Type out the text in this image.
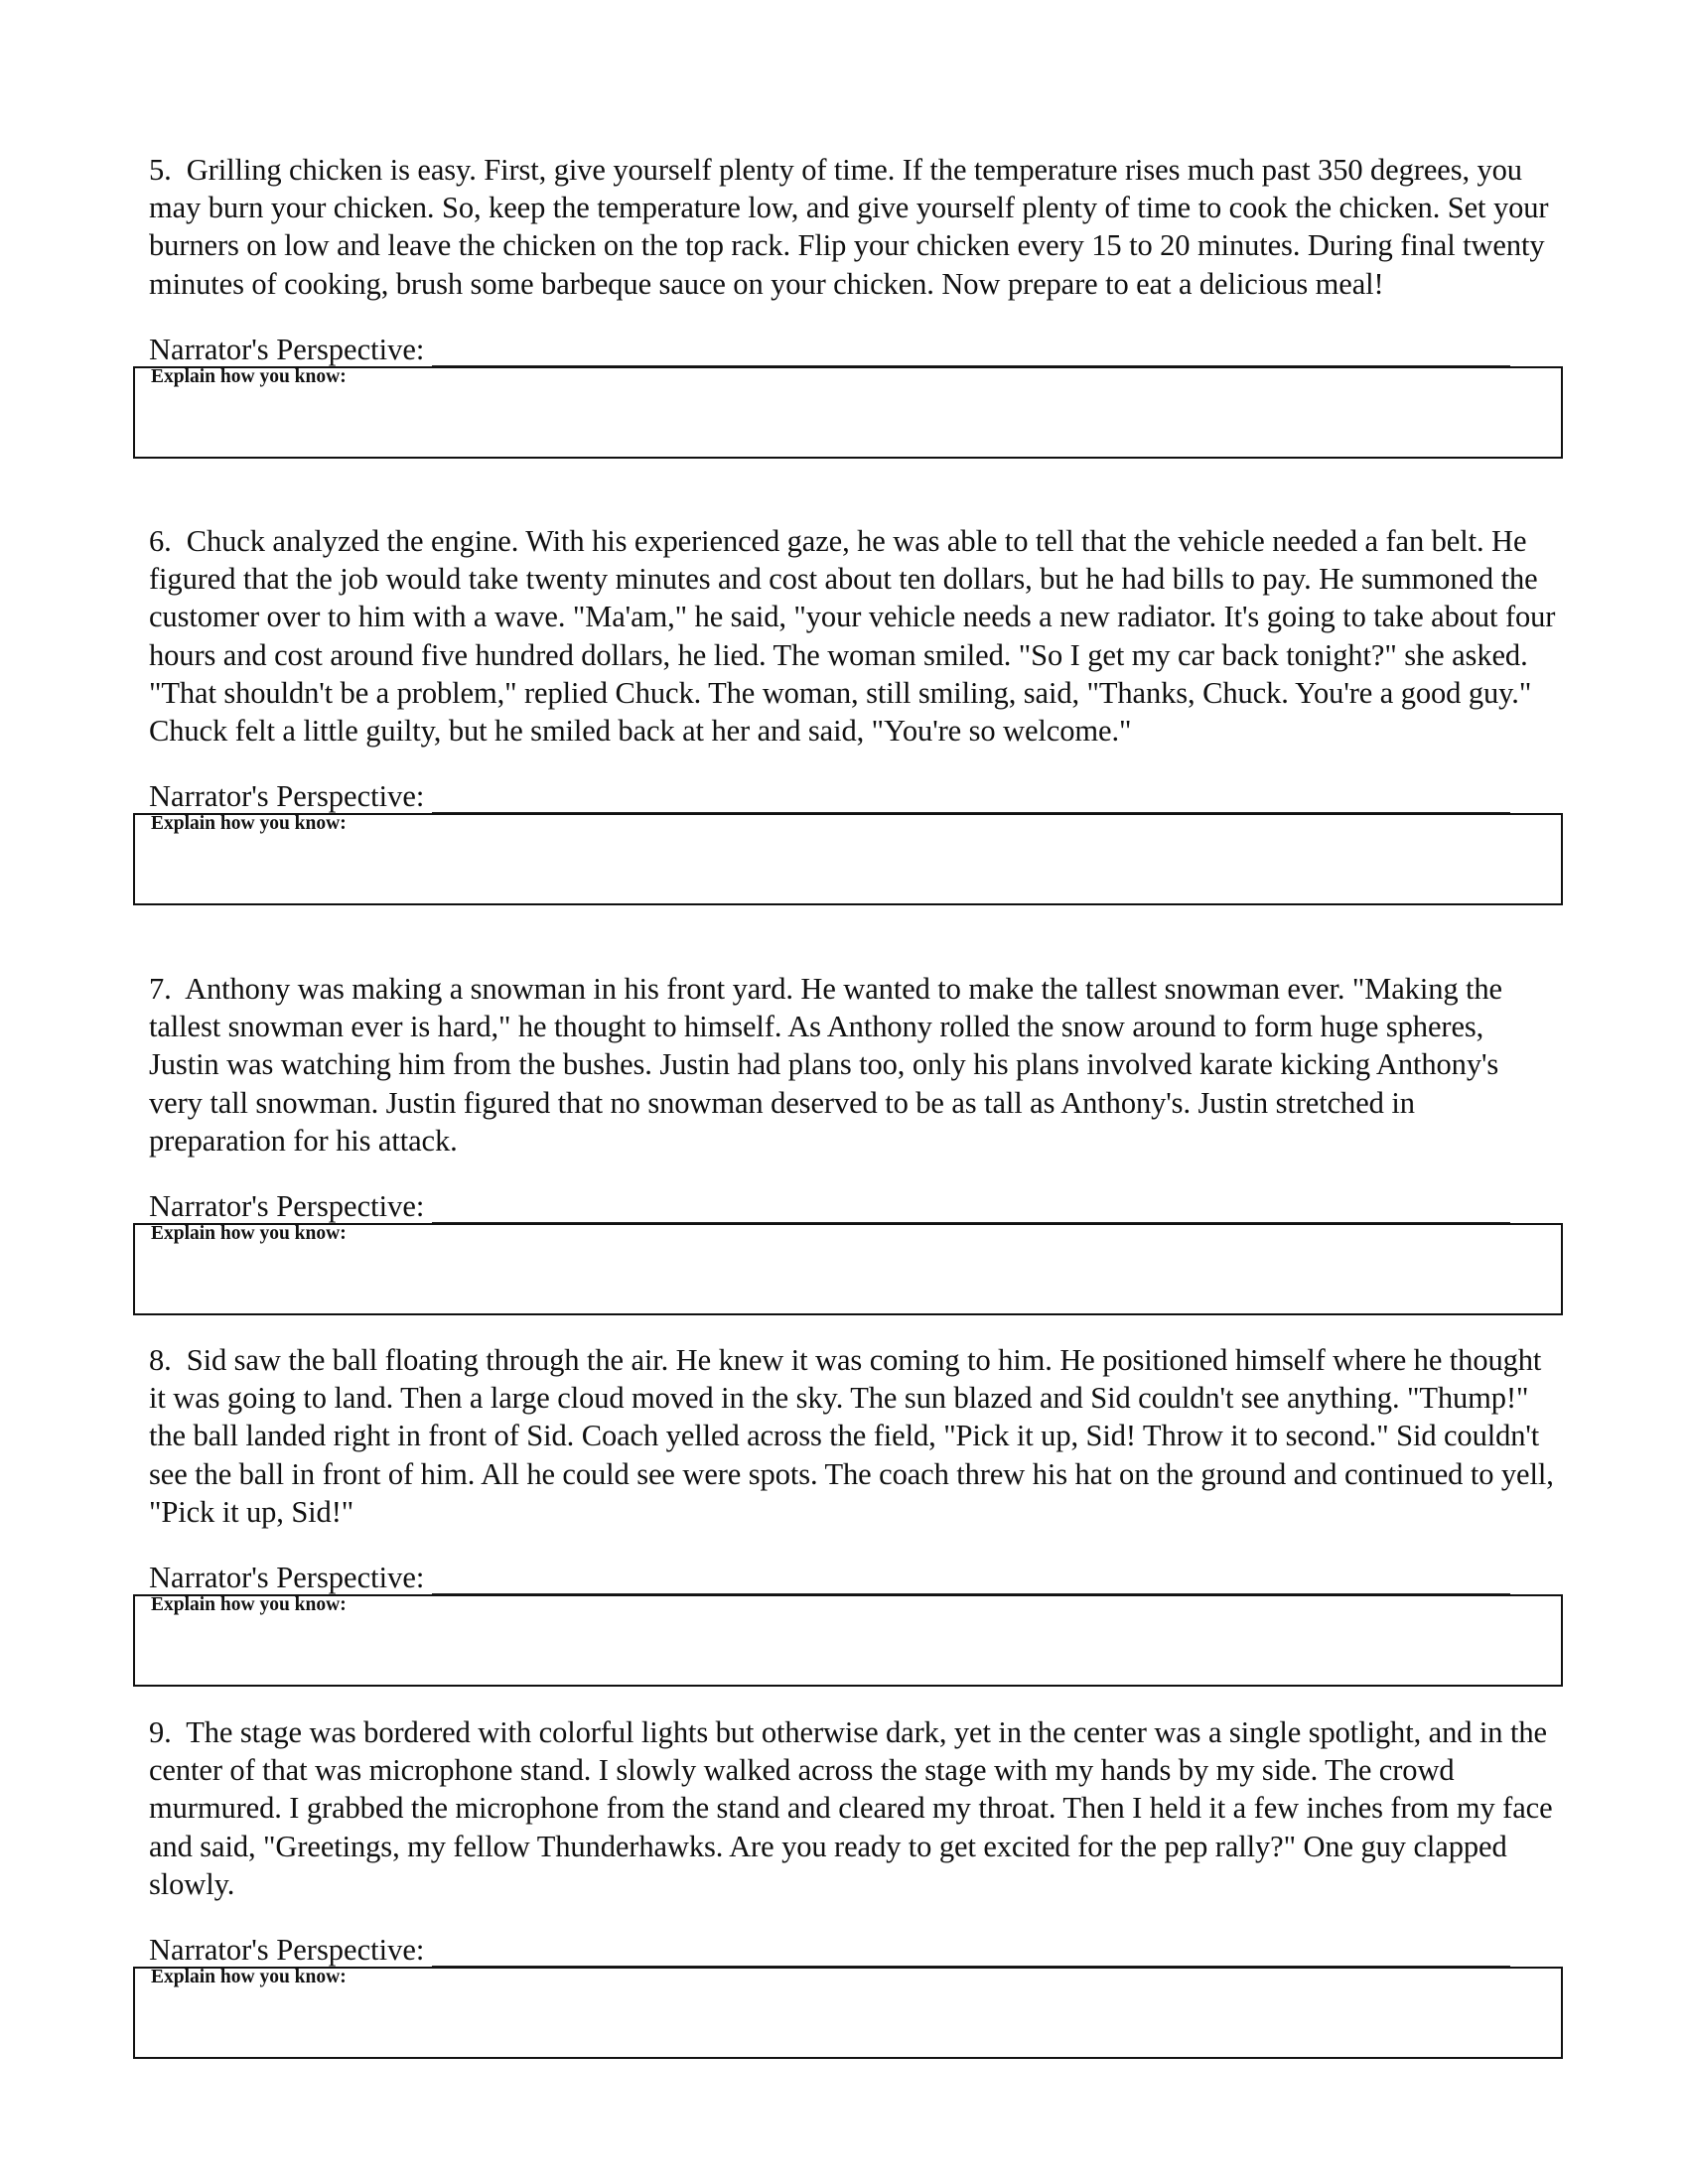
5. Grilling chicken is easy. First, give yourself plenty of time. If the temperature rises much past 350 degrees, you may burn your chicken. So, keep the temperature low, and give yourself plenty of time to cook the chicken. Set your burners on low and leave the chicken on the top rack. Flip your chicken every 15 to 20 minutes. During final twenty minutes of cooking, brush some barbeque sauce on your chicken. Now prepare to eat a delicious meal!

Narrator's Perspective:
Explain how you know:

6. Chuck analyzed the engine. With his experienced gaze, he was able to tell that the vehicle needed a fan belt. He figured that the job would take twenty minutes and cost about ten dollars, but he had bills to pay. He summoned the customer over to him with a wave. "Ma'am," he said, "your vehicle needs a new radiator. It's going to take about four hours and cost around five hundred dollars, he lied. The woman smiled. "So I get my car back tonight?" she asked. "That shouldn't be a problem," replied Chuck. The woman, still smiling, said, "Thanks, Chuck. You're a good guy." Chuck felt a little guilty, but he smiled back at her and said, "You're so welcome."

Narrator's Perspective:
Explain how you know:

7. Anthony was making a snowman in his front yard. He wanted to make the tallest snowman ever. "Making the tallest snowman ever is hard," he thought to himself. As Anthony rolled the snow around to form huge spheres, Justin was watching him from the bushes. Justin had plans too, only his plans involved karate kicking Anthony's very tall snowman. Justin figured that no snowman deserved to be as tall as Anthony's. Justin stretched in preparation for his attack.

Narrator's Perspective:
Explain how you know:

8. Sid saw the ball floating through the air. He knew it was coming to him. He positioned himself where he thought it was going to land. Then a large cloud moved in the sky. The sun blazed and Sid couldn't see anything. "Thump!" the ball landed right in front of Sid. Coach yelled across the field, "Pick it up, Sid! Throw it to second." Sid couldn't see the ball in front of him. All he could see were spots. The coach threw his hat on the ground and continued to yell, "Pick it up, Sid!"

Narrator's Perspective:
Explain how you know:

9. The stage was bordered with colorful lights but otherwise dark, yet in the center was a single spotlight, and in the center of that was microphone stand. I slowly walked across the stage with my hands by my side. The crowd murmured. I grabbed the microphone from the stand and cleared my throat. Then I held it a few inches from my face and said, "Greetings, my fellow Thunderhawks. Are you ready to get excited for the pep rally?" One guy clapped slowly.

Narrator's Perspective:
Explain how you know:
